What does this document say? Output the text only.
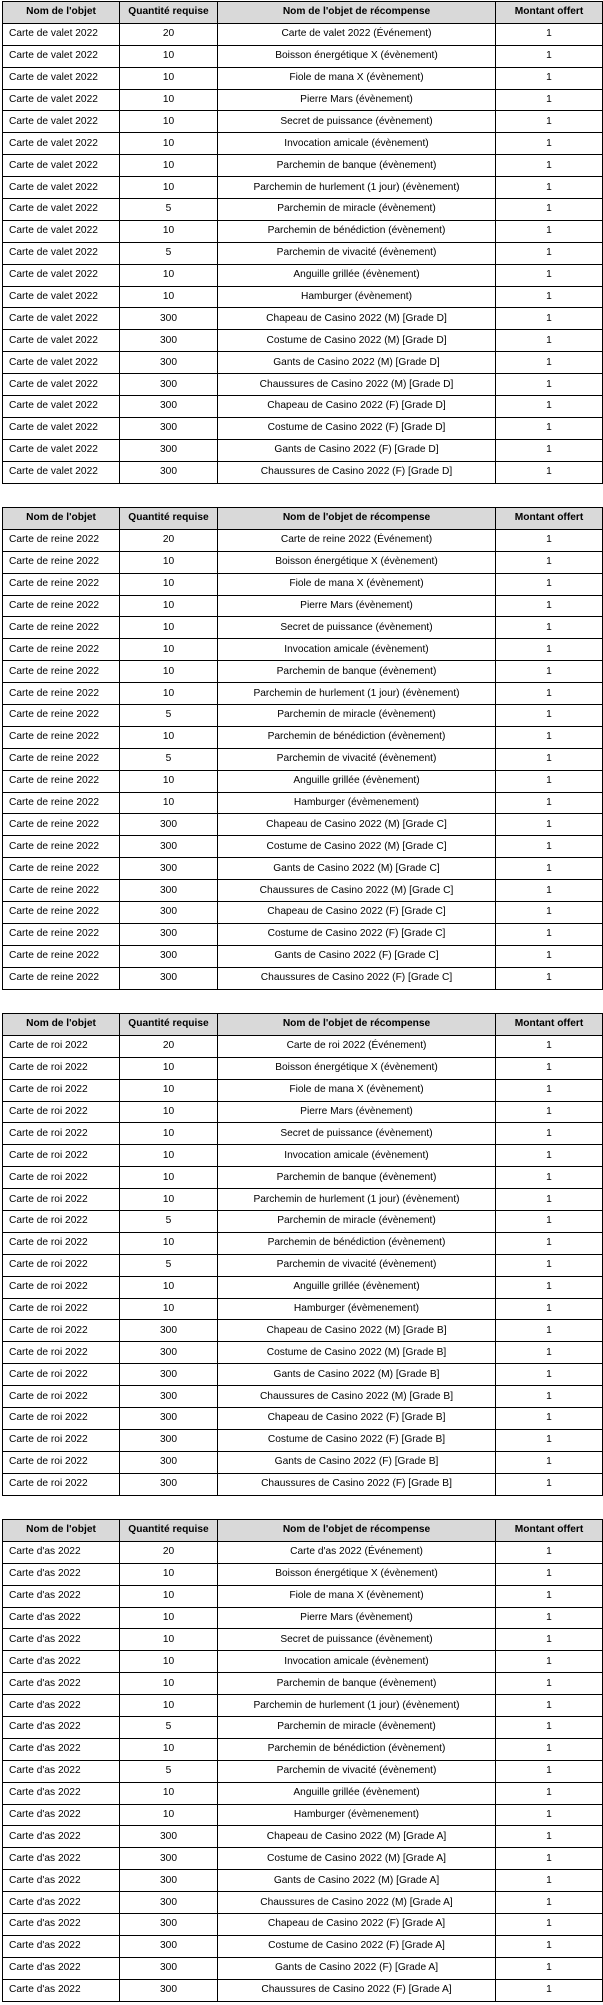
Nom de l'objet	Quantité requise	Nom de l'objet de récompense	Montant offert
Carte de valet 2022	20	Carte de valet 2022 (Événement)	1
Carte de valet 2022	10	Boisson énergétique X (évènement)	1
Carte de valet 2022	10	Fiole de mana X (évènement)	1
Carte de valet 2022	10	Pierre Mars (évènement)	1
Carte de valet 2022	10	Secret de puissance (évènement)	1
Carte de valet 2022	10	Invocation amicale (évènement)	1
Carte de valet 2022	10	Parchemin de banque (évènement)	1
Carte de valet 2022	10	Parchemin de hurlement (1 jour) (évènement)	1
Carte de valet 2022	5	Parchemin de miracle (évènement)	1
Carte de valet 2022	10	Parchemin de bénédiction (évènement)	1
Carte de valet 2022	5	Parchemin de vivacité (évènement)	1
Carte de valet 2022	10	Anguille grillée (évènement)	1
Carte de valet 2022	10	Hamburger (évènement)	1
Carte de valet 2022	300	Chapeau de Casino 2022 (M) [Grade D]	1
Carte de valet 2022	300	Costume de Casino 2022 (M) [Grade D]	1
Carte de valet 2022	300	Gants de Casino 2022 (M) [Grade D]	1
Carte de valet 2022	300	Chaussures de Casino 2022 (M) [Grade D]	1
Carte de valet 2022	300	Chapeau de Casino 2022 (F) [Grade D]	1
Carte de valet 2022	300	Costume de Casino 2022 (F) [Grade D]	1
Carte de valet 2022	300	Gants de Casino 2022 (F) [Grade D]	1
Carte de valet 2022	300	Chaussures de Casino 2022 (F) [Grade D]	1
Nom de l'objet	Quantité requise	Nom de l'objet de récompense	Montant offert
Carte de reine 2022	20	Carte de reine 2022 (Événement)	1
Carte de reine 2022	10	Boisson énergétique X (évènement)	1
Carte de reine 2022	10	Fiole de mana X (évènement)	1
Carte de reine 2022	10	Pierre Mars (évènement)	1
Carte de reine 2022	10	Secret de puissance (évènement)	1
Carte de reine 2022	10	Invocation amicale (évènement)	1
Carte de reine 2022	10	Parchemin de banque (évènement)	1
Carte de reine 2022	10	Parchemin de hurlement (1 jour) (évènement)	1
Carte de reine 2022	5	Parchemin de miracle (évènement)	1
Carte de reine 2022	10	Parchemin de bénédiction (évènement)	1
Carte de reine 2022	5	Parchemin de vivacité (évènement)	1
Carte de reine 2022	10	Anguille grillée (évènement)	1
Carte de reine 2022	10	Hamburger (évèmenement)	1
Carte de reine 2022	300	Chapeau de Casino 2022 (M) [Grade C]	1
Carte de reine 2022	300	Costume de Casino 2022 (M) [Grade C]	1
Carte de reine 2022	300	Gants de Casino 2022 (M) [Grade C]	1
Carte de reine 2022	300	Chaussures de Casino 2022 (M) [Grade C]	1
Carte de reine 2022	300	Chapeau de Casino 2022 (F) [Grade C]	1
Carte de reine 2022	300	Costume de Casino 2022 (F) [Grade C]	1
Carte de reine 2022	300	Gants de Casino 2022 (F) [Grade C]	1
Carte de reine 2022	300	Chaussures de Casino 2022 (F) [Grade C]	1
Nom de l'objet	Quantité requise	Nom de l'objet de récompense	Montant offert
Carte de roi 2022	20	Carte de roi 2022 (Événement)	1
Carte de roi 2022	10	Boisson énergétique X (évènement)	1
Carte de roi 2022	10	Fiole de mana X (évènement)	1
Carte de roi 2022	10	Pierre Mars (évènement)	1
Carte de roi 2022	10	Secret de puissance (évènement)	1
Carte de roi 2022	10	Invocation amicale (évènement)	1
Carte de roi 2022	10	Parchemin de banque (évènement)	1
Carte de roi 2022	10	Parchemin de hurlement (1 jour) (évènement)	1
Carte de roi 2022	5	Parchemin de miracle (évènement)	1
Carte de roi 2022	10	Parchemin de bénédiction (évènement)	1
Carte de roi 2022	5	Parchemin de vivacité (évènement)	1
Carte de roi 2022	10	Anguille grillée (évènement)	1
Carte de roi 2022	10	Hamburger (évèmenement)	1
Carte de roi 2022	300	Chapeau de Casino 2022 (M) [Grade B]	1
Carte de roi 2022	300	Costume de Casino 2022 (M) [Grade B]	1
Carte de roi 2022	300	Gants de Casino 2022 (M) [Grade B]	1
Carte de roi 2022	300	Chaussures de Casino 2022 (M) [Grade B]	1
Carte de roi 2022	300	Chapeau de Casino 2022 (F) [Grade B]	1
Carte de roi 2022	300	Costume de Casino 2022 (F) [Grade B]	1
Carte de roi 2022	300	Gants de Casino 2022 (F) [Grade B]	1
Carte de roi 2022	300	Chaussures de Casino 2022 (F) [Grade B]	1
Nom de l'objet	Quantité requise	Nom de l'objet de récompense	Montant offert
Carte d'as 2022	20	Carte d'as 2022 (Événement)	1
Carte d'as 2022	10	Boisson énergétique X (évènement)	1
Carte d'as 2022	10	Fiole de mana X (évènement)	1
Carte d'as 2022	10	Pierre Mars (évènement)	1
Carte d'as 2022	10	Secret de puissance (évènement)	1
Carte d'as 2022	10	Invocation amicale (évènement)	1
Carte d'as 2022	10	Parchemin de banque (évènement)	1
Carte d'as 2022	10	Parchemin de hurlement (1 jour) (évènement)	1
Carte d'as 2022	5	Parchemin de miracle (évènement)	1
Carte d'as 2022	10	Parchemin de bénédiction (évènement)	1
Carte d'as 2022	5	Parchemin de vivacité (évènement)	1
Carte d'as 2022	10	Anguille grillée (évènement)	1
Carte d'as 2022	10	Hamburger (évèmenement)	1
Carte d'as 2022	300	Chapeau de Casino 2022 (M) [Grade A]	1
Carte d'as 2022	300	Costume de Casino 2022 (M) [Grade A]	1
Carte d'as 2022	300	Gants de Casino 2022 (M) [Grade A]	1
Carte d'as 2022	300	Chaussures de Casino 2022 (M) [Grade A]	1
Carte d'as 2022	300	Chapeau de Casino 2022 (F) [Grade A]	1
Carte d'as 2022	300	Costume de Casino 2022 (F) [Grade A]	1
Carte d'as 2022	300	Gants de Casino 2022 (F) [Grade A]	1
Carte d'as 2022	300	Chaussures de Casino 2022 (F) [Grade A]	1
